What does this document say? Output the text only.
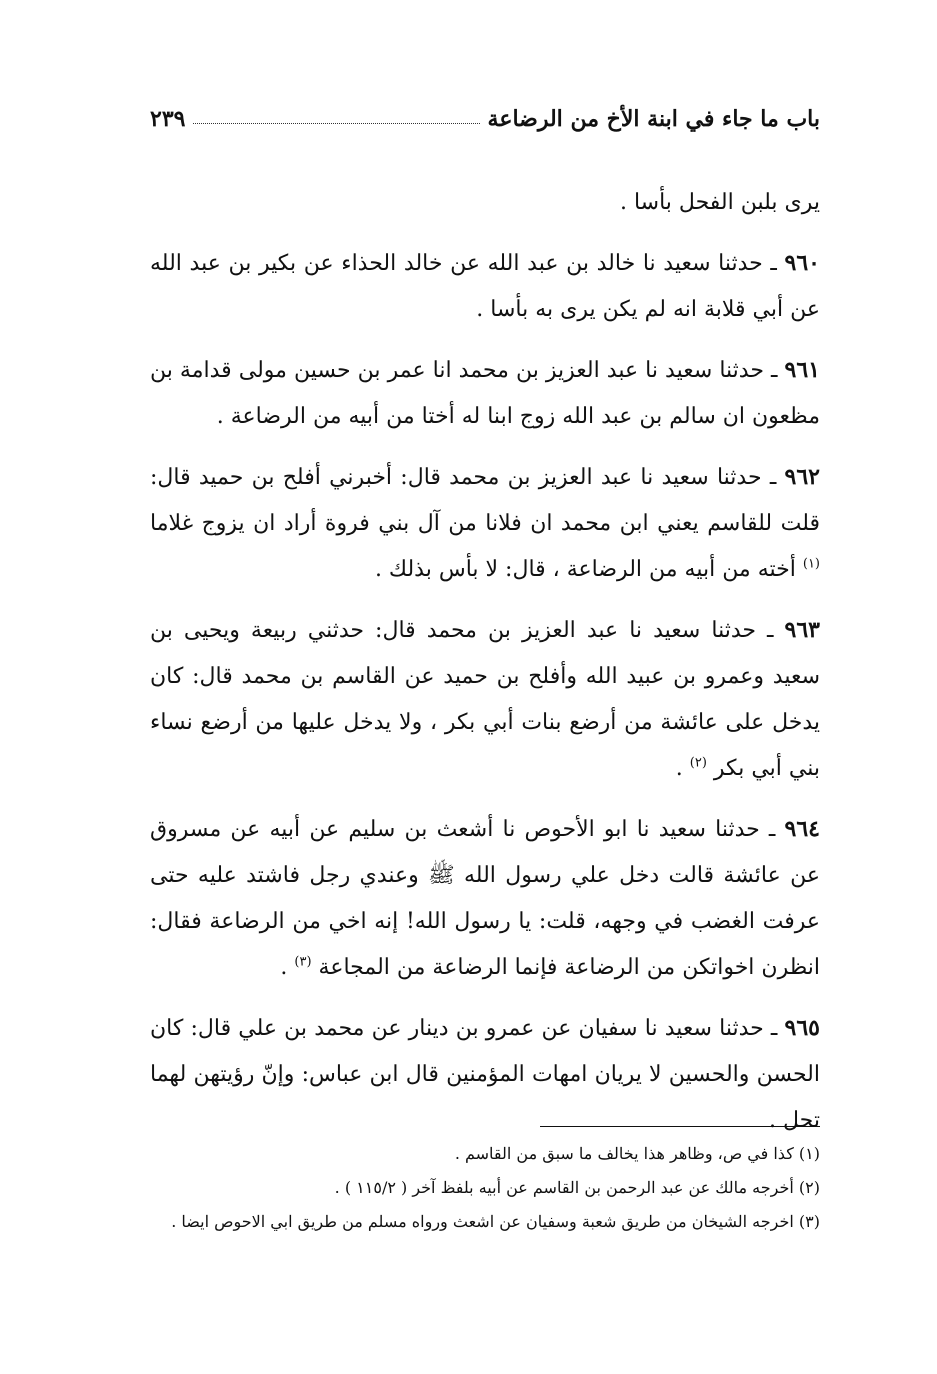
باب ما جاء في ابنة الأخ من الرضاعة
٢٣٩

يرى بلبن الفحل بأسا .

٩٦٠ ـ حدثنا سعيد نا خالد بن عبد الله عن خالد الحذاء عن بكير بن عبد الله عن أبي قلابة انه لم يكن يرى به بأسا .

٩٦١ ـ حدثنا سعيد نا عبد العزيز بن محمد انا عمر بن حسين مولى قدامة بن مظعون ان سالم بن عبد الله زوج ابنا له أختا من أبيه من الرضاعة .

٩٦٢ ـ حدثنا سعيد نا عبد العزيز بن محمد قال: أخبرني أفلح بن حميد قال: قلت للقاسم يعني ابن محمد ان فلانا من آل بني فروة أراد ان يزوج غلاما $^{(١)}$ أخته من أبيه من الرضاعة ، قال: لا بأس بذلك .

٩٦٣ ـ حدثنا سعيد نا عبد العزيز بن محمد قال: حدثني ربيعة ويحيى بن سعيد وعمرو بن عبيد الله وأفلح بن حميد عن القاسم بن محمد قال: كان يدخل على عائشة من أرضع بنات أبي بكر ، ولا يدخل عليها من أرضع نساء بني أبي بكر $^{(٢)}$ .

٩٦٤ ـ حدثنا سعيد نا ابو الأحوص نا أشعث بن سليم عن أبيه عن مسروق عن عائشة قالت دخل علي رسول الله ﷺ وعندي رجل فاشتد عليه حتى عرفت الغضب في وجهه، قلت: يا رسول الله! إنه اخي من الرضاعة فقال: انظرن اخواتكن من الرضاعة فإنما الرضاعة من المجاعة $^{(٣)}$ .

٩٦٥ ـ حدثنا سعيد نا سفيان عن عمرو بن دينار عن محمد بن علي قال: كان الحسن والحسين لا يريان امهات المؤمنين قال ابن عباس: وإنّ رؤيتهن لهما تحل .

(١) كذا في ص، وظاهر هذا يخالف ما سبق من القاسم .

(٢) أخرجه مالك عن عبد الرحمن بن القاسم عن أبيه بلفظ آخر ( ١١٥/٢ ) .

(٣) اخرجه الشيخان من طريق شعبة وسفيان عن اشعث ورواه مسلم من طريق ابي الاحوص ايضا .
